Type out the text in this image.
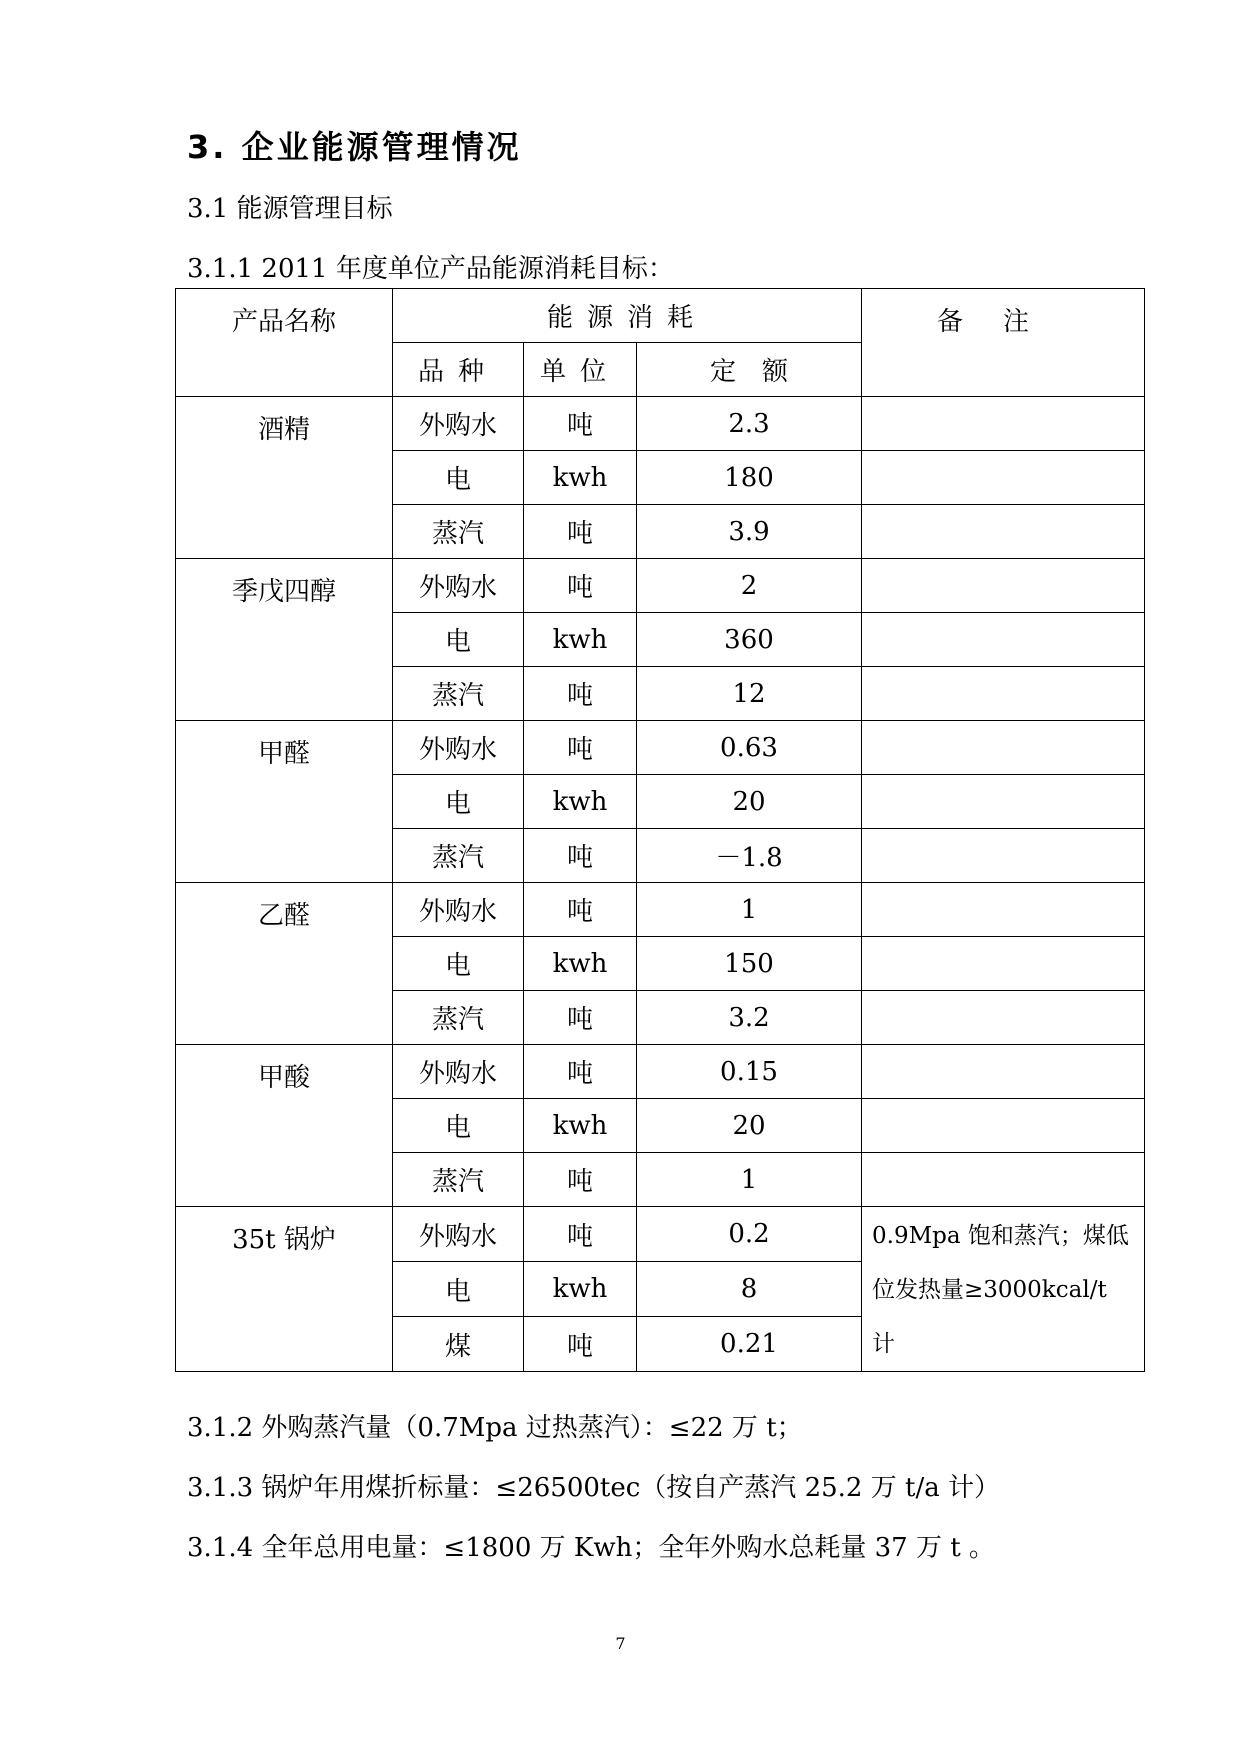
3. 企业能源管理情况
3.1 能源管理目标
3.1.1 2011 年度单位产品能源消耗目标：
产品名称	能源消耗			备注
	品种	单位	定　额	
酒精	外购水	吨	2.3	
	电	kwh	180	
	蒸汽	吨	3.9	
季戊四醇	外购水	吨	2	
	电	kwh	360	
	蒸汽	吨	12	
甲醛	外购水	吨	0.63	
	电	kwh	20	
	蒸汽	吨	－1.8	
乙醛	外购水	吨	1	
	电	kwh	150	
	蒸汽	吨	3.2	
甲酸	外购水	吨	0.15	
	电	kwh	20	
	蒸汽	吨	1	
35t 锅炉	外购水	吨	0.2	0.9Mpa 饱和蒸汽；煤低位发热量≥3000kcal/t 计
	电	kwh	8	
	煤	吨	0.21	
3.1.2 外购蒸汽量（0.7Mpa 过热蒸汽）：≤22 万 t；
3.1.3 锅炉年用煤折标量：≤26500tec（按自产蒸汽 25.2 万 t/a 计）
3.1.4 全年总用电量：≤1800 万 Kwh；全年外购水总耗量 37 万 t 。
7
